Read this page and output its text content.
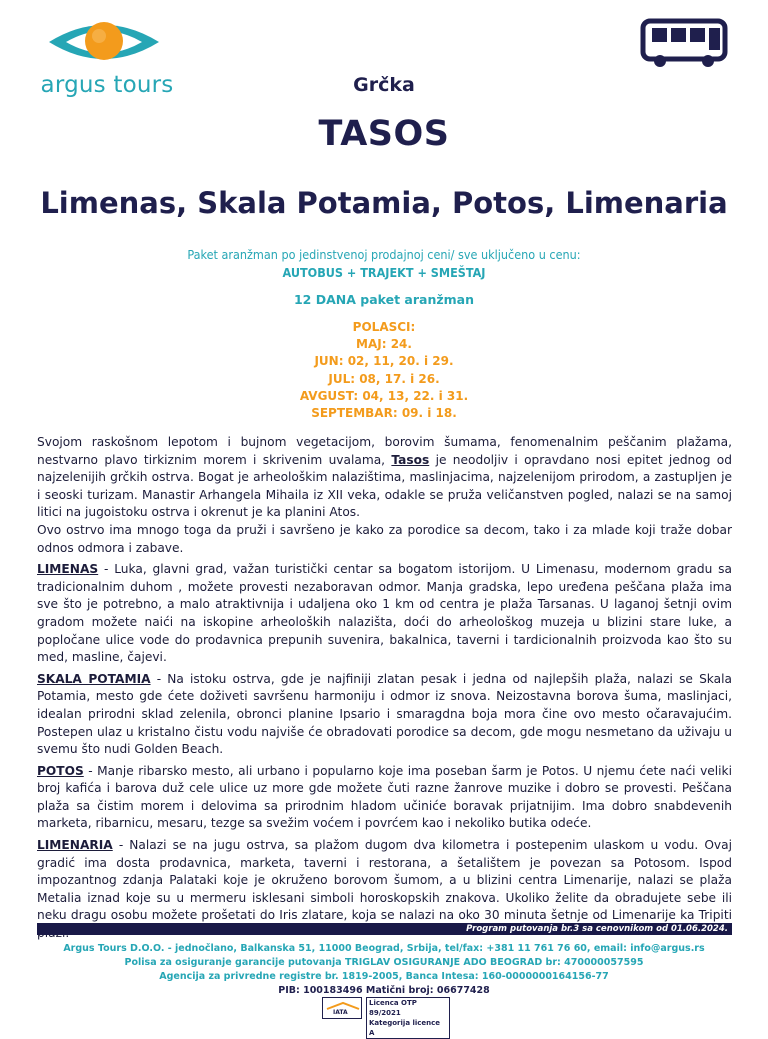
argus tours	Grčka
TASOS
Limenas, Skala Potamia, Potos, Limenaria
Paket aranžman po jedinstvenoj prodajnoj ceni/ sve uključeno u cenu:
AUTOBUS + TRAJEKT + SMEŠTAJ
12 DANA paket aranžman
POLASCI:
MAJ: 24.
JUN: 02, 11, 20. i 29.
JUL: 08, 17. i 26.
AVGUST: 04, 13, 22. i 31.
SEPTEMBAR: 09. i 18.

Svojom raskošnom lepotom i bujnom vegetacijom, borovim šumama, fenomenalnim peščanim plažama, nestvarno plavo tirkiznim morem i skrivenim uvalama, Tasos je neodoljiv i opravdano nosi epitet jednog od najzelenijih grčkih ostrva. Bogat je arheološkim nalazištima, maslinjacima, najzelenijom prirodom, a zastupljen je i seoski turizam. Manastir Arhangela Mihaila iz XII veka, odakle se pruža veličanstven pogled, nalazi se na samoj litici na jugoistoku ostrva i okrenut je ka planini Atos.

Ovo ostrvo ima mnogo toga da pruži i savršeno je kako za porodice sa decom, tako i za mlade koji traže dobar odnos odmora i zabave.

LIMENAS - Luka, glavni grad, važan turistički centar sa bogatom istorijom. U Limenasu, modernom gradu sa tradicionalnim duhom , možete provesti nezaboravan odmor. Manja gradska, lepo uređena peščana plaža ima sve što je potrebno, a malo atraktivnija i udaljena oko 1 km od centra je plaža Tarsanas. U laganoj šetnji ovim gradom možete naići na iskopine arheoloških nalazišta, doći do arheološkog muzeja u blizini stare luke, a popločane ulice vode do prodavnica prepunih suvenira, bakalnica, taverni i tardicionalnih proizvoda kao što su med, masline, čajevi.

SKALA POTAMIA - Na istoku ostrva, gde je najfiniji zlatan pesak i jedna od najlepših plaža, nalazi se Skala Potamia, mesto gde ćete doživeti savršenu harmoniju i odmor iz snova. Neizostavna borova šuma, maslinjaci, idealan prirodni sklad zelenila, obronci planine Ipsario i smaragdna boja mora čine ovo mesto očaravajućim. Postepen ulaz u kristalno čistu vodu najviše će obradovati porodice sa decom, gde mogu nesmetano da uživaju u svemu što nudi Golden Beach.

POTOS - Manje ribarsko mesto, ali urbano i popularno koje ima poseban šarm je Potos. U njemu ćete naći veliki broj kafića i barova duž cele ulice uz more gde možete čuti razne žanrove muzike i dobro se provesti. Peščana plaža sa čistim morem i delovima sa prirodnim hladom učiniće boravak prijatnijim. Ima dobro snabdevenih marketa, ribarnicu, mesaru, tezge sa svežim voćem i povrćem kao i nekoliko butika odeće.

LIMENARIA - Nalazi se na jugu ostrva, sa plažom dugom dva kilometra i postepenim ulaskom u vodu. Ovaj gradić ima dosta prodavnica, marketa, taverni i restorana, a šetalištem je povezan sa Potosom. Ispod impozantnog zdanja Palataki koje je okruženo borovom šumom, a u blizini centra Limenarije, nalazi se plaža Metalia iznad koje su u mermeru isklesani simboli horoskopskih znakova. Ukoliko želite da obradujete sebe ili neku dragu osobu možete prošetati do Iris zlatare, koja se nalazi na oko 30 minuta šetnje od Limenarije ka Tripiti

Program putovanja br.3 sa cenovnikom od 01.06.2024.
Argus Tours D.O.O. - jednočlano, Balkanska 51, 11000 Beograd, Srbija, tel/fax: +381 11 761 76 60, email: info@argus.rs
Polisa za osiguranje garancije putovanja TRIGLAV OSIGURANJE ADO BEOGRAD br: 470000057595
Agencija za privredne registre br. 1819-2005, Banca Intesa: 160-0000000164156-77
PIB: 100183496 Matični broj: 06677428
IATA
Licenca OTP 89/2021
Kategorija licence A
